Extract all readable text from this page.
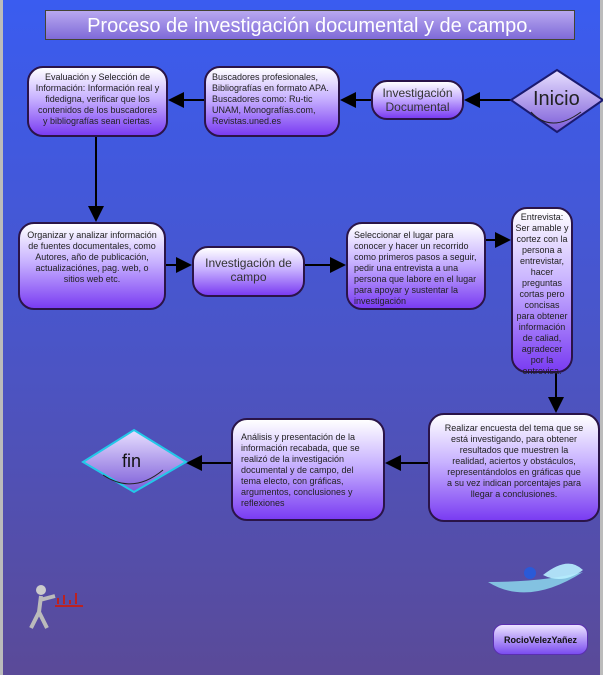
Proceso de investigación documental y de campo.
Inicio
fin
Evaluación y Selección de Información: Información real y fidedigna, verificar que los contenidos de los buscadores y bibliografías sean ciertas.
Buscadores profesionales, Bibliografías en formato APA. Buscadores como: Ru-tic UNAM, Monografías.com, Revistas.uned.es
Investigación Documental
Organizar y analizar información de fuentes documentales, como Autores, año de publicación, actualizaciónes, pag. web, o sitios web etc.
Investigación de campo
Seleccionar el lugar para conocer y hacer un recorrido como primeros pasos a seguir, pedir una entrevista a una persona que labore en el lugar para apoyar y sustentar la investigación
Entrevista: Ser amable y cortez con la persona a entrevistar, hacer preguntas cortas pero concisas para obtener información de caliad, agradecer por la entrevisa.
Realizar encuesta del tema que se está investigando, para obtener resultados que muestren la realidad, aciertos y obstáculos, representándolos en gráficas que a su vez indican porcentajes para llegar a conclusiones.
Análisis y presentación de la información recabada, que se realizó de la investigación documental y de campo, del tema electo, con gráficas, argumentos, conclusiones y reflexiones
RocioVelezYañez
